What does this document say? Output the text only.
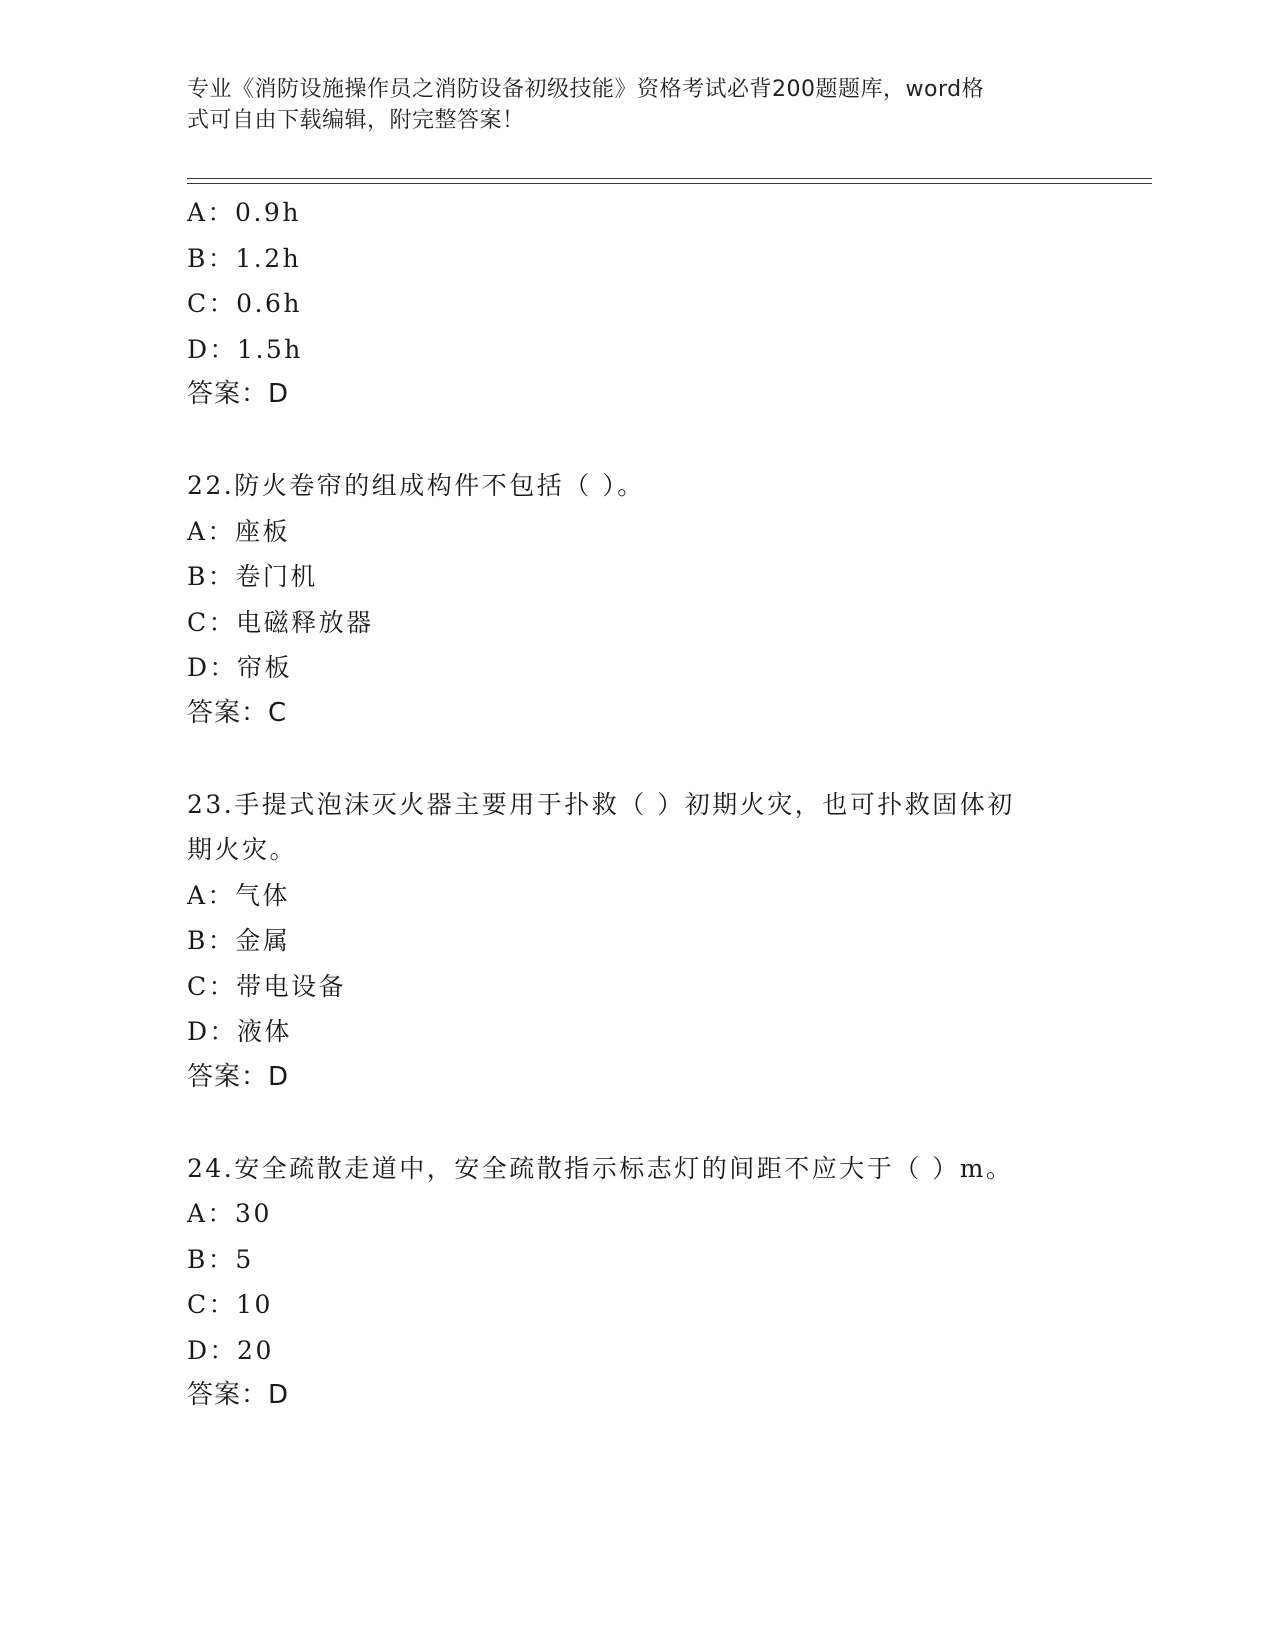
专业《消防设施操作员之消防设备初级技能》资格考试必背200题题库，word格
式可自由下载编辑，附完整答案！
A：0.9h
B：1.2h
C：0.6h
D：1.5h
答案：D
22.防火卷帘的组成构件不包括（ ）。
A：座板
B：卷门机
C：电磁释放器
D：帘板
答案：C
23.手提式泡沫灭火器主要用于扑救（ ）初期火灾，也可扑救固体初
期火灾。
A：气体
B：金属
C：带电设备
D：液体
答案：D
24.安全疏散走道中，安全疏散指示标志灯的间距不应大于（ ）m。
A：30
B：5
C：10
D：20
答案：D
